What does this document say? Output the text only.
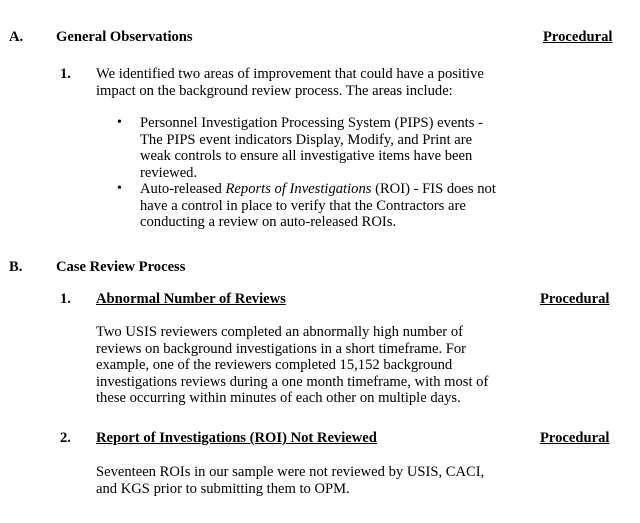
A. General Observations	Procedural
1. We identified two areas of improvement that could have a positive

impact on the background review process. The areas include:

• Personnel Investigation Processing System (PIPS) events -

The PIPS event indicators Display, Modify, and Print are

weak controls to ensure all investigative items have been

reviewed.

• Auto-released Reports of Investigations (ROI) - FIS does not

have a control in place to verify that the Contractors are

conducting a review on auto-released ROIs.

B. Case Review Process
1. Abnormal Number of Reviews	Procedural

Two USIS reviewers completed an abnormally high number of

reviews on background investigations in a short timeframe. For

example, one of the reviewers completed 15,152 background

investigations reviews during a one month timeframe, with most of

these occurring within minutes of each other on multiple days.

2. Report of Investigations (ROI) Not Reviewed	Procedural

Seventeen ROIs in our sample were not reviewed by USIS, CACI,

and KGS prior to submitting them to OPM.
